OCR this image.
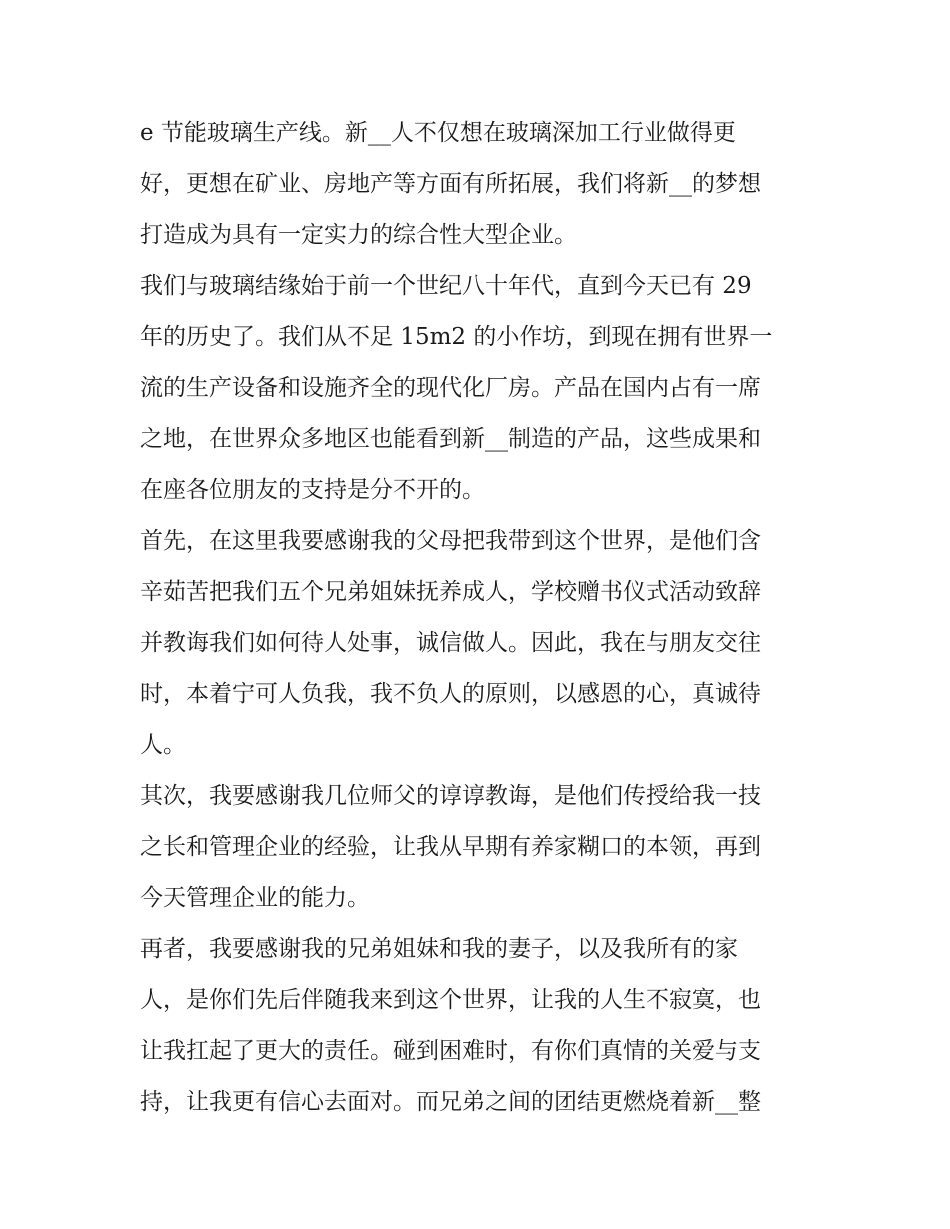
e 节能玻璃生产线。新__人不仅想在玻璃深加工行业做得更
好，更想在矿业、房地产等方面有所拓展，我们将新__的梦想
打造成为具有一定实力的综合性大型企业。
我们与玻璃结缘始于前一个世纪八十年代，直到今天已有 29
年的历史了。我们从不足 15m2 的小作坊，到现在拥有世界一
流的生产设备和设施齐全的现代化厂房。产品在国内占有一席
之地，在世界众多地区也能看到新__制造的产品，这些成果和
在座各位朋友的支持是分不开的。
首先，在这里我要感谢我的父母把我带到这个世界，是他们含
辛茹苦把我们五个兄弟姐妹抚养成人，学校赠书仪式活动致辞
并教诲我们如何待人处事，诚信做人。因此，我在与朋友交往
时，本着宁可人负我，我不负人的原则，以感恩的心，真诚待
人。
其次，我要感谢我几位师父的谆谆教诲，是他们传授给我一技
之长和管理企业的经验，让我从早期有养家糊口的本领，再到
今天管理企业的能力。
再者，我要感谢我的兄弟姐妹和我的妻子，以及我所有的家
人，是你们先后伴随我来到这个世界，让我的人生不寂寞，也
让我扛起了更大的责任。碰到困难时，有你们真情的关爱与支
持，让我更有信心去面对。而兄弟之间的团结更燃烧着新__整
